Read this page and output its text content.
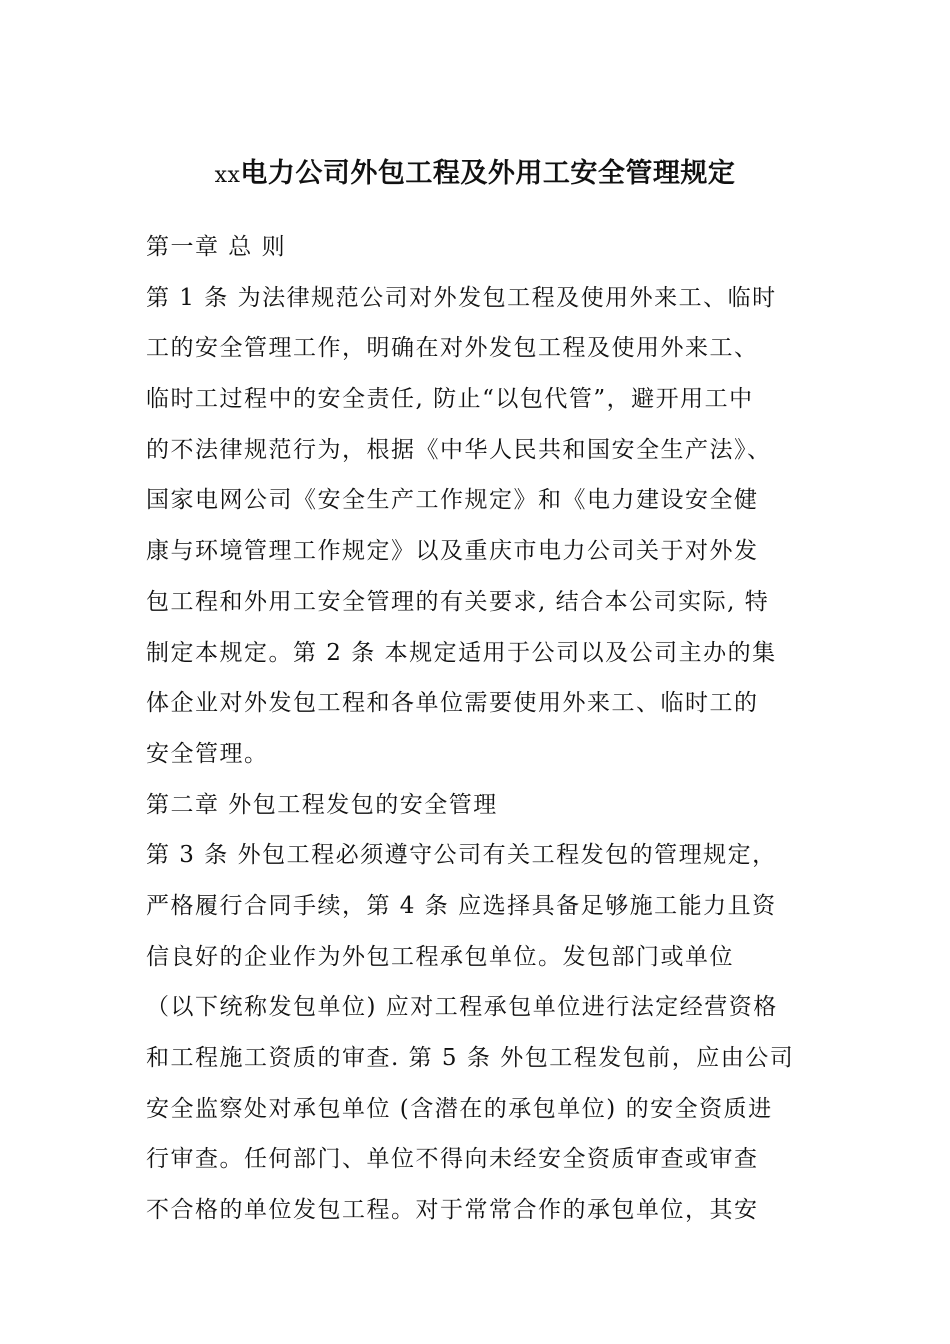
xx电力公司外包工程及外用工安全管理规定
第一章 总 则
第 1 条 为法律规范公司对外发包工程及使用外来工、临时
工的安全管理工作，明确在对外发包工程及使用外来工、
临时工过程中的安全责任, 防止“以包代管”，避开用工中
的不法律规范行为，根据《中华人民共和国安全生产法》、
国家电网公司《安全生产工作规定》和《电力建设安全健
康与环境管理工作规定》以及重庆市电力公司关于对外发
包工程和外用工安全管理的有关要求, 结合本公司实际, 特
制定本规定。第 2 条 本规定适用于公司以及公司主办的集
体企业对外发包工程和各单位需要使用外来工、临时工的
安全管理。
第二章 外包工程发包的安全管理
第 3 条 外包工程必须遵守公司有关工程发包的管理规定，
严格履行合同手续，第 4 条 应选择具备足够施工能力且资
信良好的企业作为外包工程承包单位。发包部门或单位
（以下统称发包单位) 应对工程承包单位进行法定经营资格
和工程施工资质的审查. 第 5 条 外包工程发包前，应由公司
安全监察处对承包单位 (含潜在的承包单位) 的安全资质进
行审查。任何部门、单位不得向未经安全资质审查或审查
不合格的单位发包工程。对于常常合作的承包单位，其安
